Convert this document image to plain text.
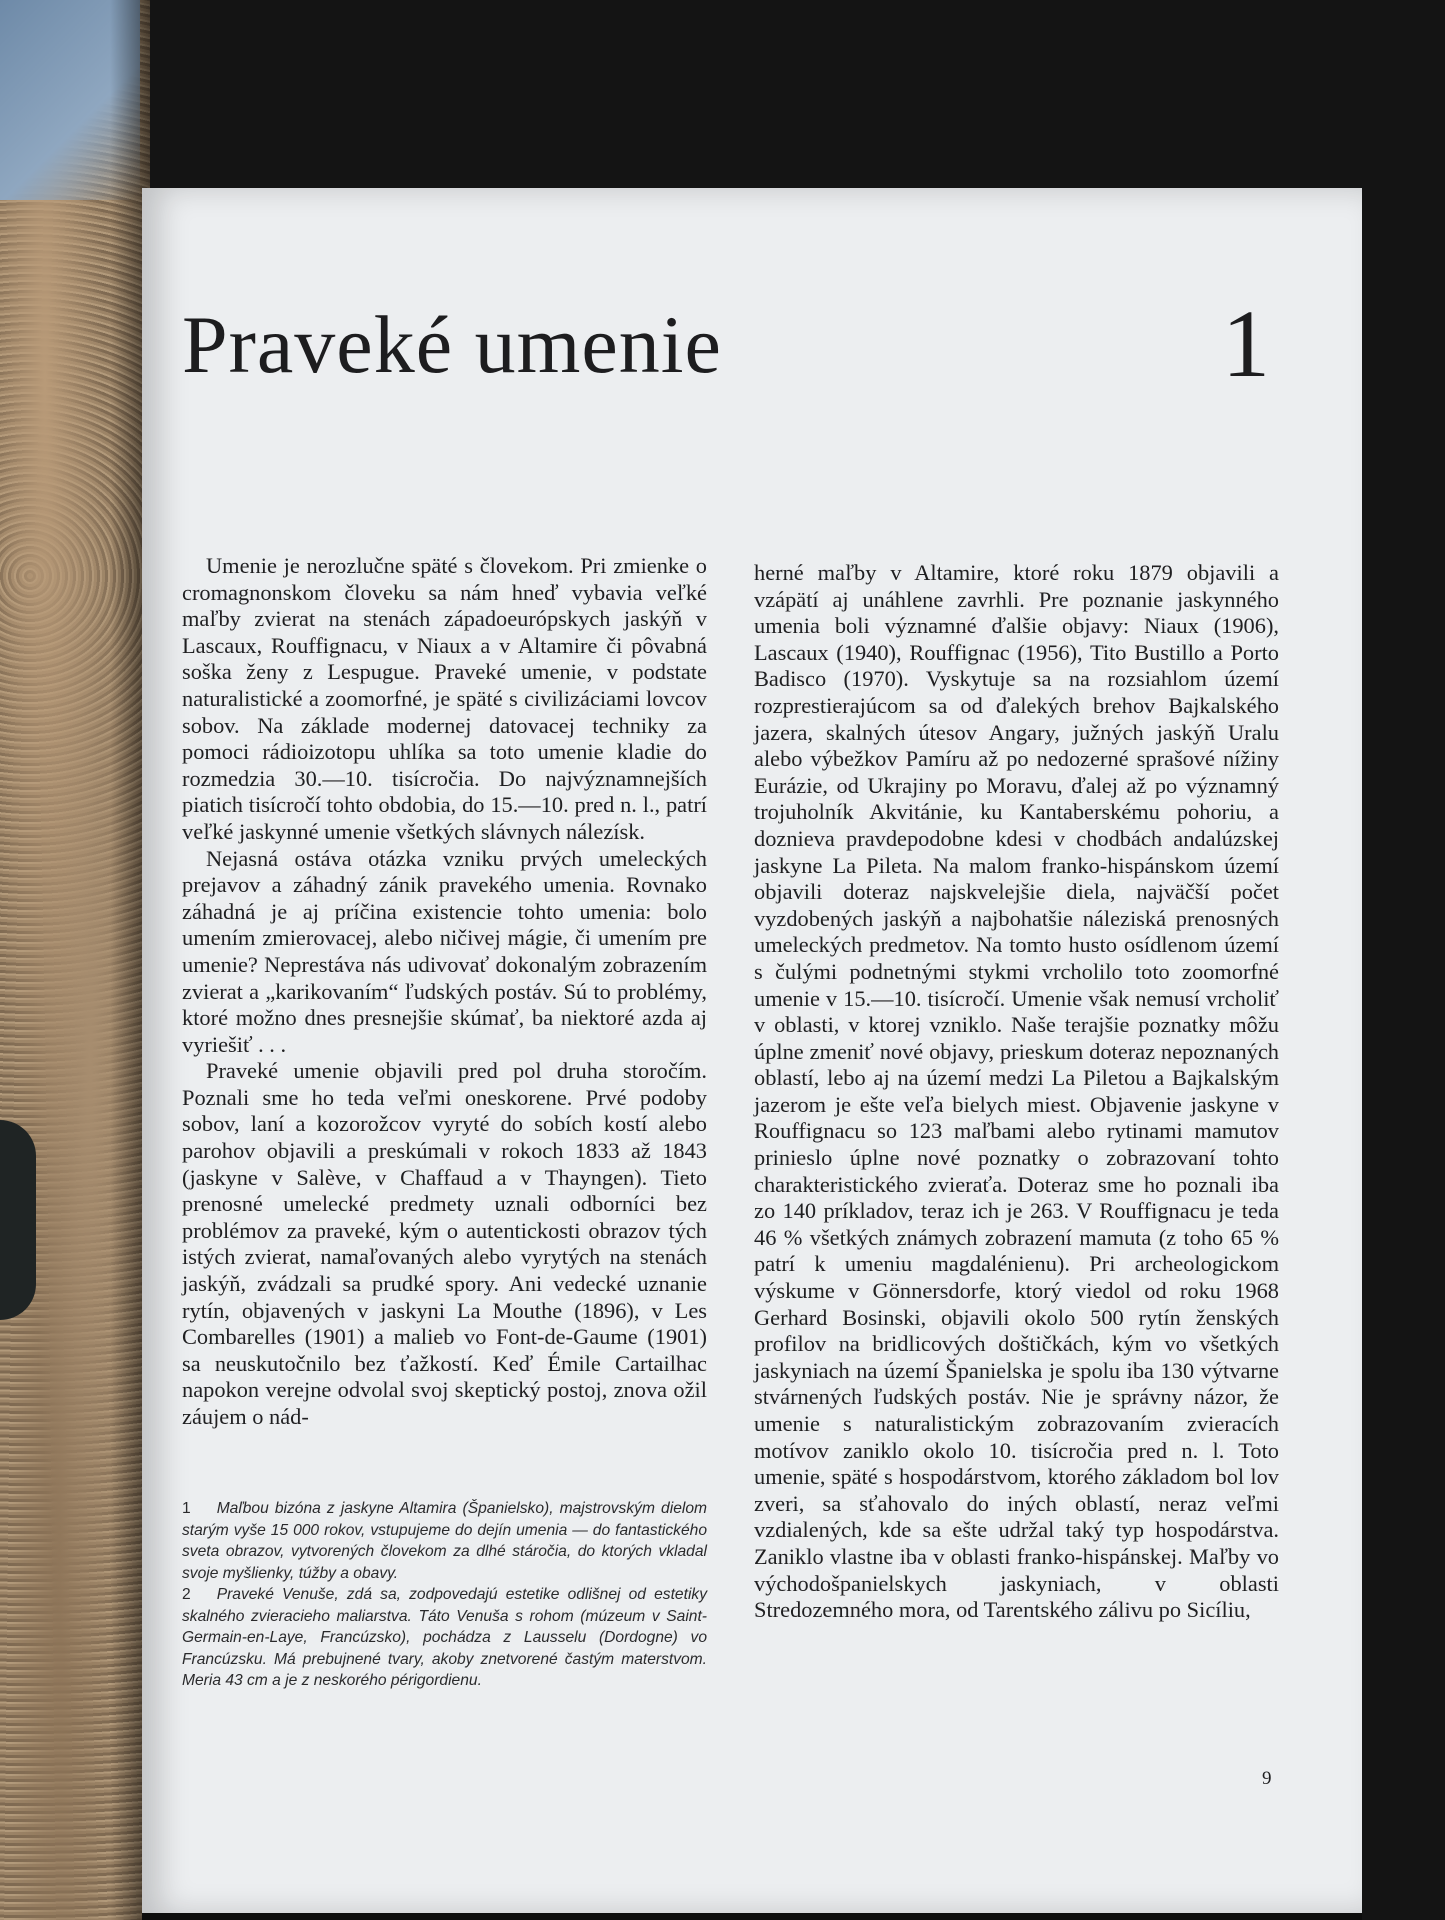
Praveké umenie	1

Umenie je nerozlučne späté s človekom. Pri zmienke o cromagnonskom človeku sa nám hneď vybavia veľké maľby zvierat na stenách západoeurópskych jaskýň v Lascaux, Rouffignacu, v Niaux a v Altamire či pôvabná soška ženy z Lespugue. Praveké umenie, v podstate naturalistické a zoomorfné, je späté s civilizáciami lovcov sobov. Na základe modernej datovacej techniky za pomoci rádioizotopu uhlíka sa toto umenie kladie do rozmedzia 30.—10. tisícročia. Do najvýznamnejších piatich tisícročí tohto obdobia, do 15.—10. pred n. l., patrí veľké jaskynné umenie všetkých slávnych nálezísk.

Nejasná ostáva otázka vzniku prvých umeleckých prejavov a záhadný zánik pravekého umenia. Rovnako záhadná je aj príčina existencie tohto umenia: bolo umením zmierovacej, alebo ničivej mágie, či umením pre umenie? Neprestáva nás udivovať dokonalým zobrazením zvierat a „karikovaním“ ľudských postáv. Sú to problémy, ktoré možno dnes presnejšie skúmať, ba niektoré azda aj vyriešiť . . .

Praveké umenie objavili pred pol druha storočím. Poznali sme ho teda veľmi oneskorene. Prvé podoby sobov, laní a kozorožcov vyryté do sobích kostí alebo parohov objavili a preskúmali v rokoch 1833 až 1843 (jaskyne v Salève, v Chaffaud a v Thayngen). Tieto prenosné umelecké predmety uznali odborníci bez problémov za praveké, kým o autentickosti obrazov tých istých zvierat, namaľovaných alebo vyrytých na stenách jaskýň, zvádzali sa prudké spory. Ani vedecké uznanie rytín, objavených v jaskyni La Mouthe (1896), v Les Combarelles (1901) a malieb vo Font-de-Gaume (1901) sa neuskutočnilo bez ťažkostí. Keď Émile Cartailhac napokon verejne odvolal svoj skeptický postoj, znova ožil záujem o nád-

1 Maľbou bizóna z jaskyne Altamira (Španielsko), majstrovským dielom starým vyše 15 000 rokov, vstupujeme do dejín umenia — do fantastického sveta obrazov, vytvorených človekom za dlhé stáročia, do ktorých vkladal svoje myšlienky, túžby a obavy.

2 Praveké Venuše, zdá sa, zodpovedajú estetike odlišnej od estetiky skalného zvieracieho maliarstva. Táto Venuša s rohom (múzeum v Saint-Germain-en-Laye, Francúzsko), pochádza z Lausselu (Dordogne) vo Francúzsku. Má prebujnené tvary, akoby znetvorené častým materstvom. Meria 43 cm a je z neskorého périgordienu.

herné maľby v Altamire, ktoré roku 1879 objavili a vzápätí aj unáhlene zavrhli. Pre poznanie jaskynného umenia boli významné ďalšie objavy: Niaux (1906), Lascaux (1940), Rouffignac (1956), Tito Bustillo a Porto Badisco (1970). Vyskytuje sa na rozsiahlom území rozprestierajúcom sa od ďalekých brehov Bajkalského jazera, skalných útesov Angary, južných jaskýň Uralu alebo výbežkov Pamíru až po nedozerné sprašové nížiny Eurázie, od Ukrajiny po Moravu, ďalej až po významný trojuholník Akvitánie, ku Kantaberskému pohoriu, a doznieva pravdepodobne kdesi v chodbách andalúzskej jaskyne La Pileta. Na malom franko-hispánskom území objavili doteraz najskvelejšie diela, najväčší počet vyzdobených jaskýň a najbohatšie náleziská prenosných umeleckých predmetov. Na tomto husto osídlenom území s čulými podnetnými stykmi vrcholilo toto zoomorfné umenie v 15.—10. tisícročí. Umenie však nemusí vrcholiť v oblasti, v ktorej vzniklo. Naše terajšie poznatky môžu úplne zmeniť nové objavy, prieskum doteraz nepoznaných oblastí, lebo aj na území medzi La Piletou a Bajkalským jazerom je ešte veľa bielych miest. Objavenie jaskyne v Rouffignacu so 123 maľbami alebo rytinami mamutov prinieslo úplne nové poznatky o zobrazovaní tohto charakteristického zvieraťa. Doteraz sme ho poznali iba zo 140 príkladov, teraz ich je 263. V Rouffignacu je teda 46 % všetkých známych zobrazení mamuta (z toho 65 % patrí k umeniu magdalénienu). Pri archeologickom výskume v Gönnersdorfe, ktorý viedol od roku 1968 Gerhard Bosinski, objavili okolo 500 rytín ženských profilov na bridlicových doštičkách, kým vo všetkých jaskyniach na území Španielska je spolu iba 130 výtvarne stvárnených ľudských postáv. Nie je správny názor, že umenie s naturalistickým zobrazovaním zvieracích motívov zaniklo okolo 10. tisícročia pred n. l. Toto umenie, späté s hospodárstvom, ktorého základom bol lov zveri, sa sťahovalo do iných oblastí, neraz veľmi vzdialených, kde sa ešte udržal taký typ hospodárstva. Zaniklo vlastne iba v oblasti franko-hispánskej. Maľby vo východošpanielskych jaskyniach, v oblasti Stredozemného mora, od Tarentského zálivu po Sicíliu,

9
